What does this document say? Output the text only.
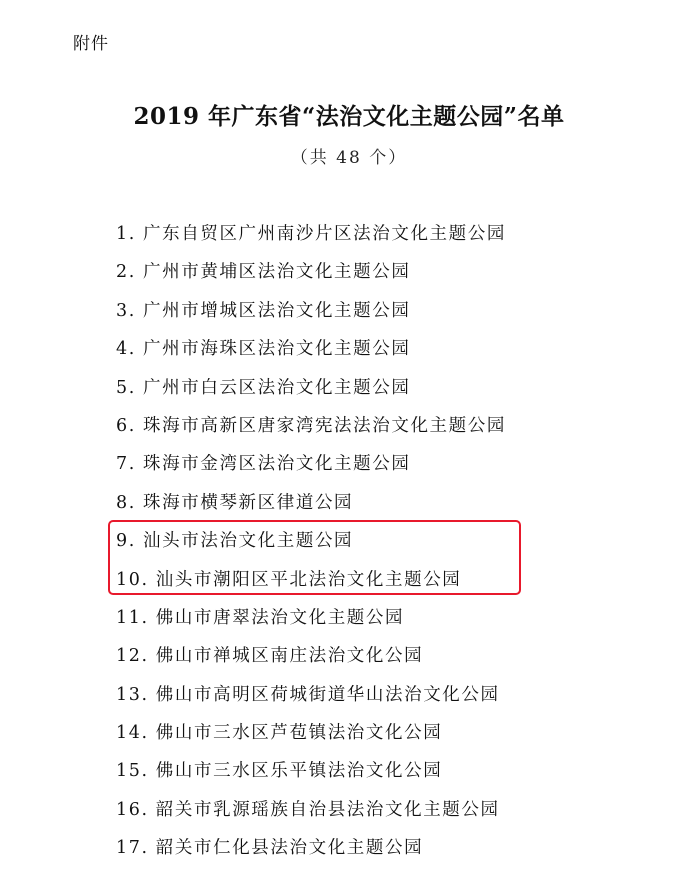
附件
2019 年广东省“法治文化主题公园”名单
（共 48 个）
1. 广东自贸区广州南沙片区法治文化主题公园
2. 广州市黄埔区法治文化主题公园
3. 广州市增城区法治文化主题公园
4. 广州市海珠区法治文化主题公园
5. 广州市白云区法治文化主题公园
6. 珠海市高新区唐家湾宪法法治文化主题公园
7. 珠海市金湾区法治文化主题公园
8. 珠海市横琴新区律道公园
9. 汕头市法治文化主题公园
10. 汕头市潮阳区平北法治文化主题公园
11. 佛山市唐翠法治文化主题公园
12. 佛山市禅城区南庄法治文化公园
13. 佛山市高明区荷城街道华山法治文化公园
14. 佛山市三水区芦苞镇法治文化公园
15. 佛山市三水区乐平镇法治文化公园
16. 韶关市乳源瑶族自治县法治文化主题公园
17. 韶关市仁化县法治文化主题公园
